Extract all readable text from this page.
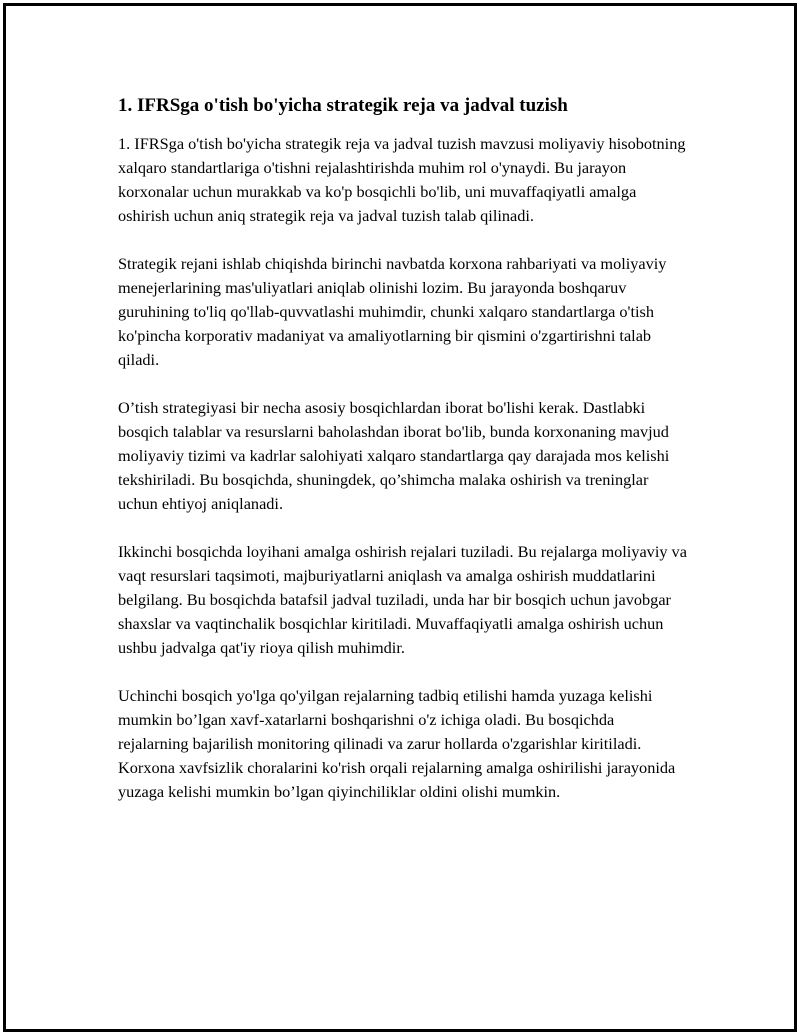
1. IFRSga o'tish bo'yicha strategik reja va jadval tuzish

1. IFRSga o'tish bo'yicha strategik reja va jadval tuzish mavzusi moliyaviy hisobotning xalqaro standartlariga o'tishni rejalashtirishda muhim rol o'ynaydi. Bu jarayon korxonalar uchun murakkab va ko'p bosqichli bo'lib, uni muvaffaqiyatli amalga oshirish uchun aniq strategik reja va jadval tuzish talab qilinadi.

Strategik rejani ishlab chiqishda birinchi navbatda korxona rahbariyati va moliyaviy menejerlarining mas'uliyatlari aniqlab olinishi lozim. Bu jarayonda boshqaruv guruhining to'liq qo'llab-quvvatlashi muhimdir, chunki xalqaro standartlarga o'tish ko'pincha korporativ madaniyat va amaliyotlarning bir qismini o'zgartirishni talab qiladi.

O’tish strategiyasi bir necha asosiy bosqichlardan iborat bo'lishi kerak. Dastlabki bosqich talablar va resurslarni baholashdan iborat bo'lib, bunda korxonaning mavjud moliyaviy tizimi va kadrlar salohiyati xalqaro standartlarga qay darajada mos kelishi tekshiriladi. Bu bosqichda, shuningdek, qo’shimcha malaka oshirish va treninglar uchun ehtiyoj aniqlanadi.

Ikkinchi bosqichda loyihani amalga oshirish rejalari tuziladi. Bu rejalarga moliyaviy va vaqt resurslari taqsimoti, majburiyatlarni aniqlash va amalga oshirish muddatlarini belgilang. Bu bosqichda batafsil jadval tuziladi, unda har bir bosqich uchun javobgar shaxslar va vaqtinchalik bosqichlar kiritiladi. Muvaffaqiyatli amalga oshirish uchun ushbu jadvalga qat'iy rioya qilish muhimdir.

Uchinchi bosqich yo'lga qo'yilgan rejalarning tadbiq etilishi hamda yuzaga kelishi mumkin bo’lgan xavf-xatarlarni boshqarishni o'z ichiga oladi. Bu bosqichda rejalarning bajarilish monitoring qilinadi va zarur hollarda o'zgarishlar kiritiladi. Korxona xavfsizlik choralarini ko'rish orqali rejalarning amalga oshirilishi jarayonida yuzaga kelishi mumkin bo’lgan qiyinchiliklar oldini olishi mumkin.
